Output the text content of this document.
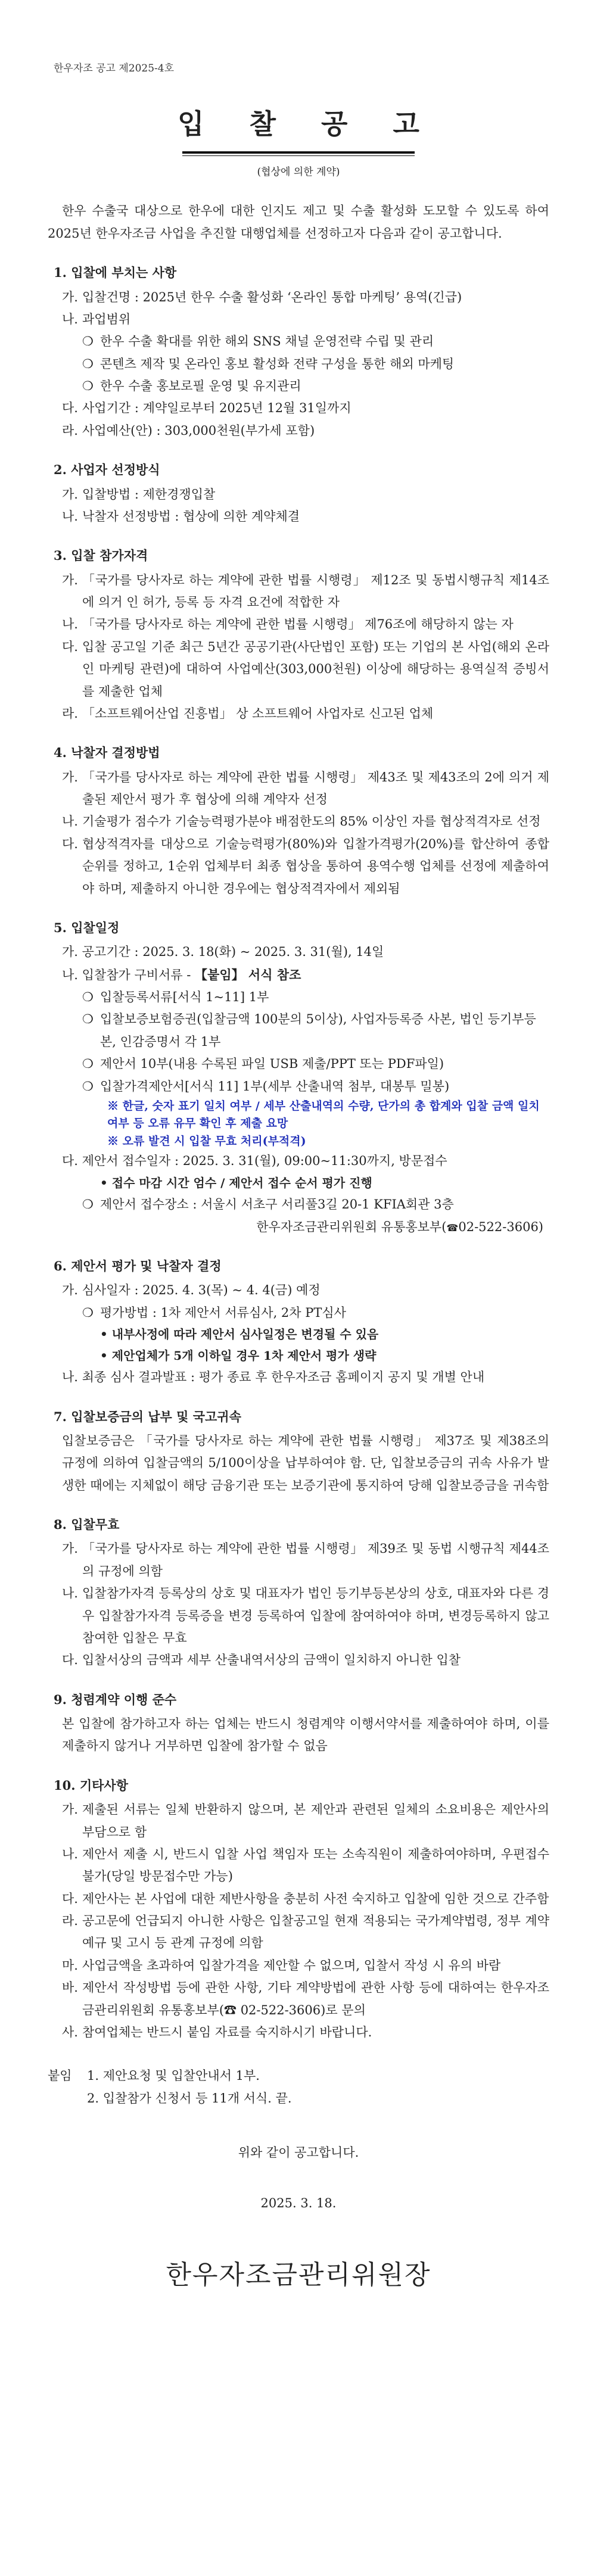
한우자조 공고 제2025-4호
입 찰 공 고
(협상에 의한 계약)
한우 수출국 대상으로 한우에 대한 인지도 제고 및 수출 활성화 도모할 수 있도록 하여 2025년 한우자조금 사업을 추진할 대행업체를 선정하고자 다음과 같이 공고합니다.
1. 입찰에 부치는 사항
가. 입찰건명 : 2025년 한우 수출 활성화 ‘온라인 통합 마케팅’ 용역(긴급)
나. 과업범위
❍ 한우 수출 확대를 위한 해외 SNS 채널 운영전략 수립 및 관리
❍ 콘텐츠 제작 및 온라인 홍보 활성화 전략 구성을 통한 해외 마케팅
❍ 한우 수출 홍보로필 운영 및 유지관리
다. 사업기간 : 계약일로부터 2025년 12월 31일까지
라. 사업예산(안) : 303,000천원(부가세 포함)
2. 사업자 선정방식
가. 입찰방법 : 제한경쟁입찰
나. 낙찰자 선정방법 : 협상에 의한 계약체결
3. 입찰 참가자격
가. 「국가를 당사자로 하는 계약에 관한 법률 시행령」 제12조 및 동법시행규칙 제14조에 의거 인 허가, 등록 등 자격 요건에 적합한 자
나. 「국가를 당사자로 하는 계약에 관한 법률 시행령」 제76조에 해당하지 않는 자
다. 입찰 공고일 기준 최근 5년간 공공기관(사단법인 포함) 또는 기업의 본 사업(해외 온라인 마케팅 관련)에 대하여 사업예산(303,000천원) 이상에 해당하는 용역실적 증빙서를 제출한 업체
라. 「소프트웨어산업 진흥법」 상 소프트웨어 사업자로 신고된 업체
4. 낙찰자 결정방법
가. 「국가를 당사자로 하는 계약에 관한 법률 시행령」 제43조 및 제43조의 2에 의거 제출된 제안서 평가 후 협상에 의해 계약자 선정
나. 기술평가 점수가 기술능력평가분야 배점한도의 85% 이상인 자를 협상적격자로 선정
다. 협상적격자를 대상으로 기술능력평가(80%)와 입찰가격평가(20%)를 합산하여 종합순위를 정하고, 1순위 업체부터 최종 협상을 통하여 용역수행 업체를 선정에 제출하여야 하며, 제출하지 아니한 경우에는 협상적격자에서 제외됨
5. 입찰일정
가. 공고기간 : 2025. 3. 18(화) ~ 2025. 3. 31(월), 14일
나. 입찰참가 구비서류 - 【붙임】 서식 참조
❍ 입찰등록서류[서식 1~11] 1부
❍ 입찰보증보험증권(입찰금액 100분의 5이상), 사업자등록증 사본, 법인 등기부등본, 인감증명서 각 1부
❍ 제안서 10부(내용 수록된 파일 USB 제출/PPT 또는 PDF파일)
❍ 입찰가격제안서[서식 11] 1부(세부 산출내역 첨부, 대봉투 밀봉)
※ 한글, 숫자 표기 일치 여부 / 세부 산출내역의 수량, 단가의 총 합계와 입찰 금액 일치 여부 등 오류 유무 확인 후 제출 요망
※ 오류 발견 시 입찰 무효 처리(부적격)
다. 제안서 접수일자 : 2025. 3. 31(월), 09:00~11:30까지, 방문접수
• 접수 마감 시간 엄수 / 제안서 접수 순서 평가 진행
❍ 제안서 접수장소 : 서울시 서초구 서리풀3길 20-1 KFIA회관 3층
한우자조금관리위원회 유통홍보부(☎02-522-3606)
6. 제안서 평가 및 낙찰자 결정
가. 심사일자 : 2025. 4. 3(목) ~ 4. 4(금) 예정
❍ 평가방법 : 1차 제안서 서류심사, 2차 PT심사
• 내부사정에 따라 제안서 심사일정은 변경될 수 있음
• 제안업체가 5개 이하일 경우 1차 제안서 평가 생략
나. 최종 심사 결과발표 : 평가 종료 후 한우자조금 홈페이지 공지 및 개별 안내
7. 입찰보증금의 납부 및 국고귀속
입찰보증금은 「국가를 당사자로 하는 계약에 관한 법률 시행령」 제37조 및 제38조의 규정에 의하여 입찰금액의 5/100이상을 납부하여야 함. 단, 입찰보증금의 귀속 사유가 발생한 때에는 지체없이 해당 금융기관 또는 보증기관에 통지하여 당해 입찰보증금을 귀속함
8. 입찰무효
가. 「국가를 당사자로 하는 계약에 관한 법률 시행령」 제39조 및 동법 시행규칙 제44조의 규정에 의함
나. 입찰참가자격 등록상의 상호 및 대표자가 법인 등기부등본상의 상호, 대표자와 다른 경우 입찰참가자격 등록증을 변경 등록하여 입찰에 참여하여야 하며, 변경등록하지 않고 참여한 입찰은 무효
다. 입찰서상의 금액과 세부 산출내역서상의 금액이 일치하지 아니한 입찰
9. 청렴계약 이행 준수
본 입찰에 참가하고자 하는 업체는 반드시 청렴계약 이행서약서를 제출하여야 하며, 이를 제출하지 않거나 거부하면 입찰에 참가할 수 없음
10. 기타사항
가. 제출된 서류는 일체 반환하지 않으며, 본 제안과 관련된 일체의 소요비용은 제안사의 부담으로 함
나. 제안서 제출 시, 반드시 입찰 사업 책임자 또는 소속직원이 제출하여야하며, 우편접수 불가(당일 방문접수만 가능)
다. 제안사는 본 사업에 대한 제반사항을 충분히 사전 숙지하고 입찰에 임한 것으로 간주함
라. 공고문에 언급되지 아니한 사항은 입찰공고일 현재 적용되는 국가계약법령, 정부 계약예규 및 고시 등 관계 규정에 의함
마. 사업금액을 초과하여 입찰가격을 제안할 수 없으며, 입찰서 작성 시 유의 바람
바. 제안서 작성방법 등에 관한 사항, 기타 계약방법에 관한 사항 등에 대하여는 한우자조금관리위원회 유통홍보부(☎ 02-522-3606)로 문의
사. 참여업체는 반드시 붙임 자료를 숙지하시기 바랍니다.
붙임	1. 제안요청 및 입찰안내서 1부.
2. 입찰참가 신청서 등 11개 서식. 끝.
위와 같이 공고합니다.
2025. 3. 18.
한우자조금관리위원장
